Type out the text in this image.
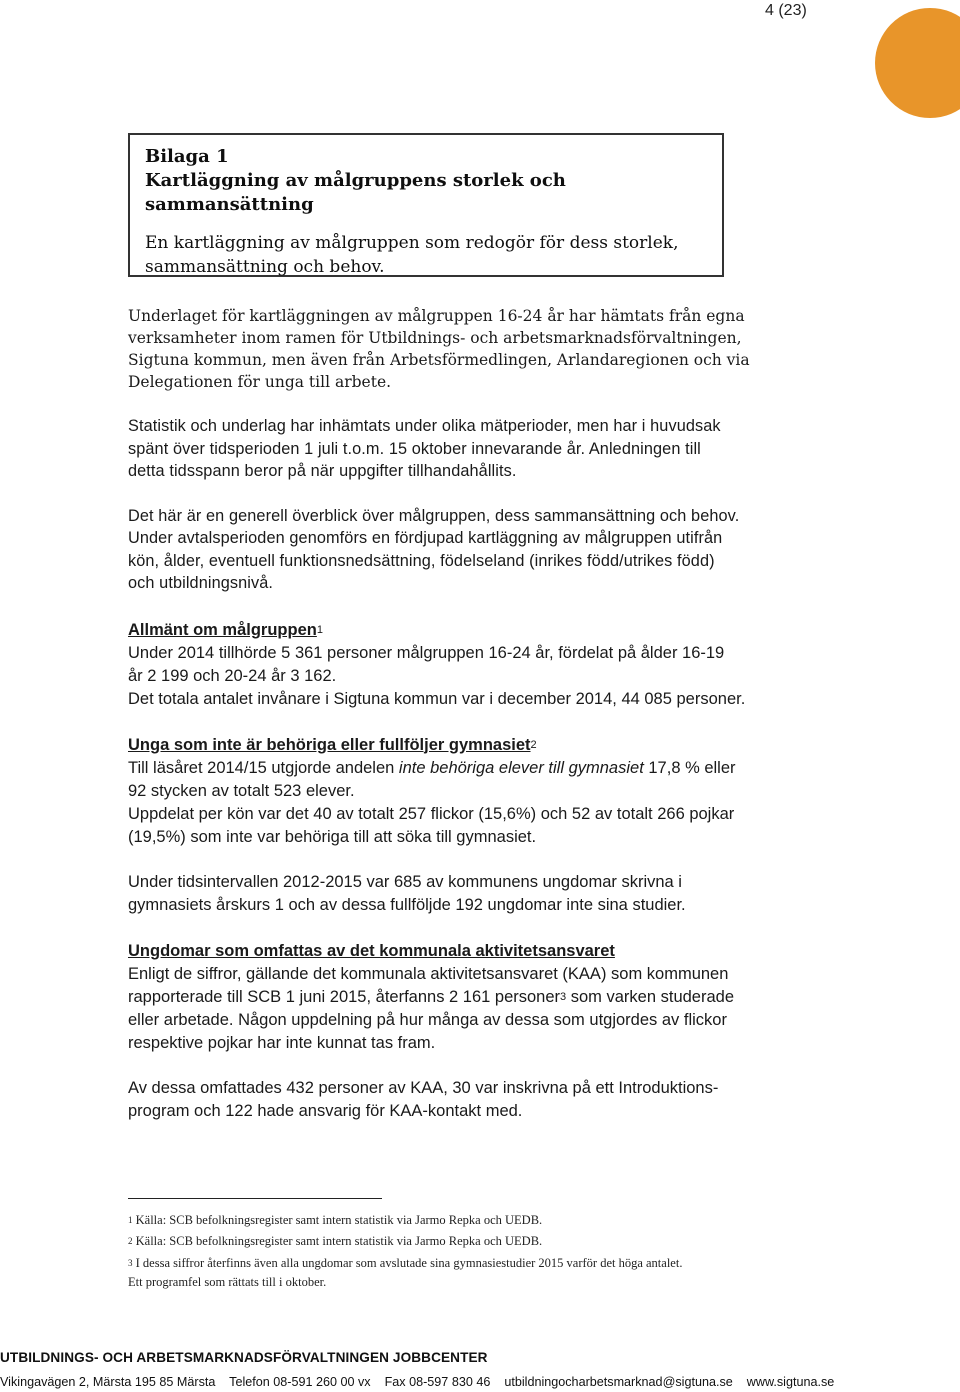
4 (23)
Bilaga 1
Kartläggning av målgruppens storlek och sammansättning
En kartläggning av målgruppen som redogör för dess storlek,
sammansättning och behov.
Underlaget för kartläggningen av målgruppen 16-24 år har hämtats från egna
verksamheter inom ramen för Utbildnings- och arbetsmarknadsförvaltningen,
Sigtuna kommun, men även från Arbetsförmedlingen, Arlandaregionen och via
Delegationen för unga till arbete.
Statistik och underlag har inhämtats under olika mätperioder, men har i huvudsak
spänt över tidsperioden 1 juli t.o.m. 15 oktober innevarande år. Anledningen till
detta tidsspann beror på när uppgifter tillhandahållits.
Det här är en generell överblick över målgruppen, dess sammansättning och behov.
Under avtalsperioden genomförs en fördjupad kartläggning av målgruppen utifrån
kön, ålder, eventuell funktionsnedsättning, födelseland (inrikes född/utrikes född)
och utbildningsnivå.
Allmänt om målgruppen$^1$
Under 2014 tillhörde 5 361 personer målgruppen 16-24 år, fördelat på ålder 16-19
år 2 199 och 20-24 år 3 162.
Det totala antalet invånare i Sigtuna kommun var i december 2014, 44 085 personer.
Unga som inte är behöriga eller fullföljer gymnasiet$^2$
Till läsåret 2014/15 utgjorde andelen inte behöriga elever till gymnasiet 17,8 % eller
92 stycken av totalt 523 elever.
Uppdelat per kön var det 40 av totalt 257 flickor (15,6%) och 52 av totalt 266 pojkar
(19,5%) som inte var behöriga till att söka till gymnasiet.
Under tidsintervallen 2012-2015 var 685 av kommunens ungdomar skrivna i
gymnasiets årskurs 1 och av dessa fullföljde 192 ungdomar inte sina studier.
Ungdomar som omfattas av det kommunala aktivitetsansvaret
Enligt de siffror, gällande det kommunala aktivitetsansvaret (KAA) som kommunen
rapporterade till SCB 1 juni 2015, återfanns 2 161 personer$^3$ som varken studerade
eller arbetade. Någon uppdelning på hur många av dessa som utgjordes av flickor
respektive pojkar har inte kunnat tas fram.
Av dessa omfattades 432 personer av KAA, 30 var inskrivna på ett Introduktions-
program och 122 hade ansvarig för KAA-kontakt med.
$^1$ Källa: SCB befolkningsregister samt intern statistik via Jarmo Repka och UEDB.
$^2$ Källa: SCB befolkningsregister samt intern statistik via Jarmo Repka och UEDB.
$^3$ I dessa siffror återfinns även alla ungdomar som avslutade sina gymnasiestudier 2015 varför det höga antalet.
Ett programfel som rättats till i oktober.
UTBILDNINGS- OCH ARBETSMARKNADSFÖRVALTNINGEN JOBBCENTER
Vikingavägen 2, Märsta 195 85 Märsta Telefon 08-591 260 00 vx Fax 08-597 830 46 utbildningocharbetsmarknad@sigtuna.se www.sigtuna.se
